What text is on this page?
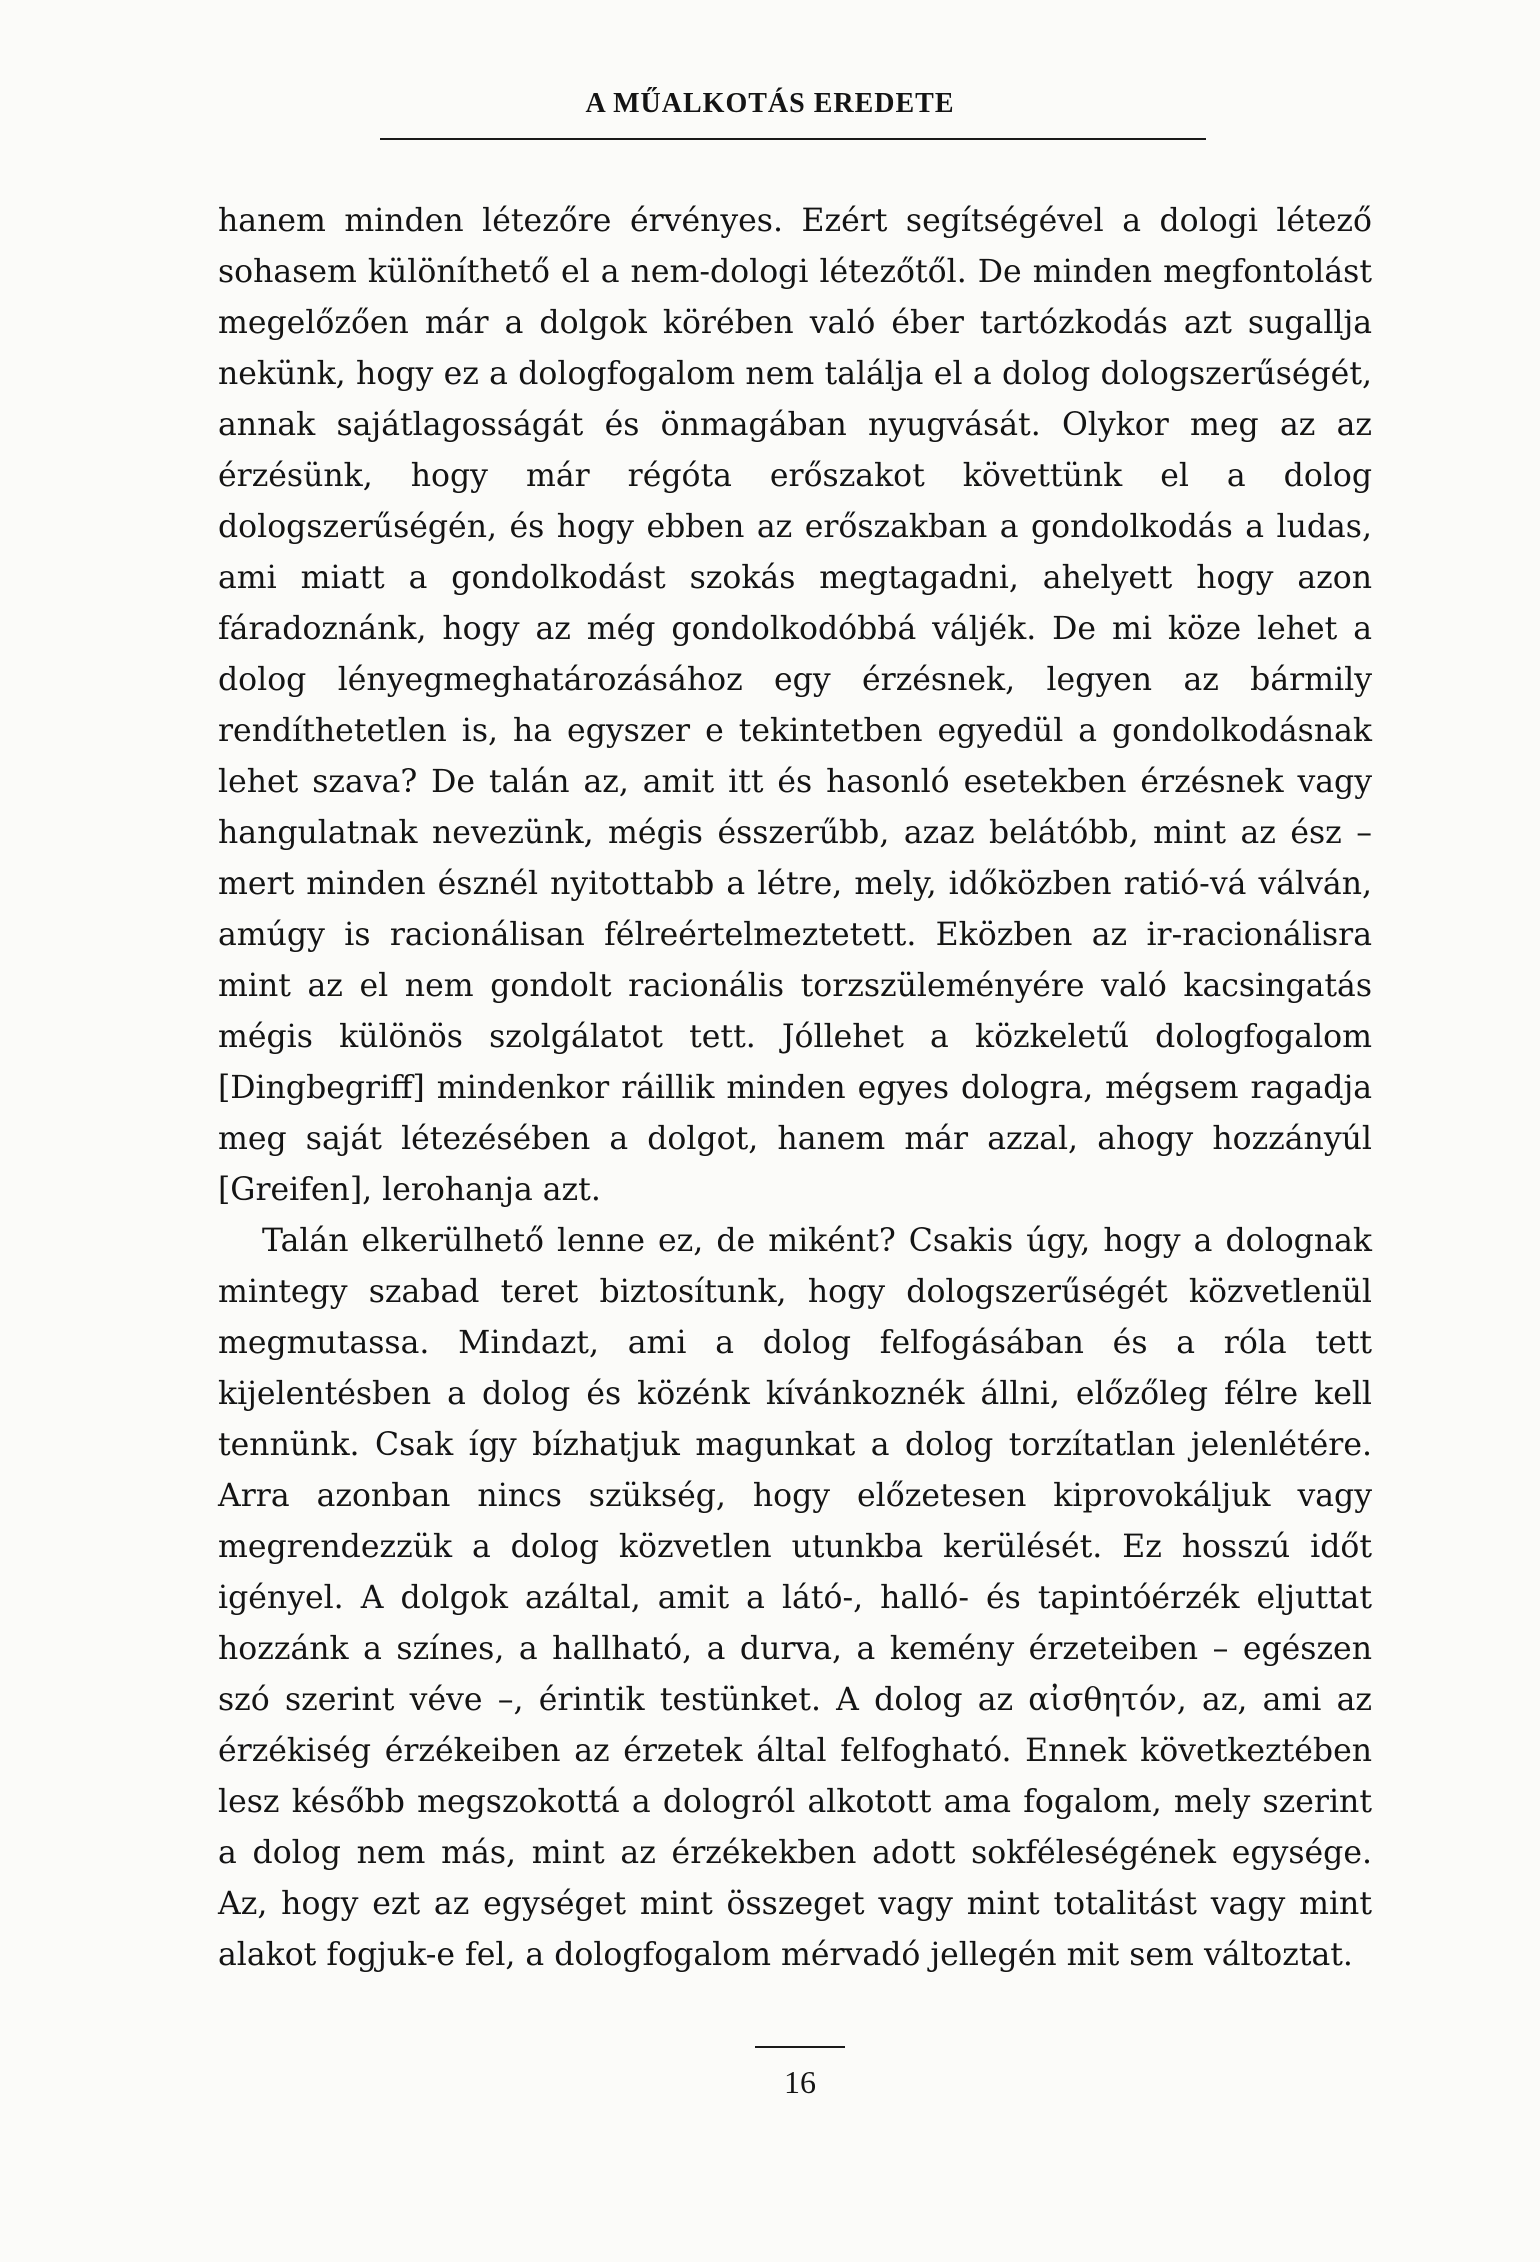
A MŰALKOTÁS EREDETE

hanem minden létezőre érvényes. Ezért segítségével a dologi létező sohasem különíthető el a nem-dologi létezőtől. De minden megfontolást megelőzően már a dolgok körében való éber tartózkodás azt sugallja nekünk, hogy ez a dologfogalom nem találja el a dolog dologszerűségét, annak sajátlagosságát és önmagában nyugvását. Olykor meg az az érzésünk, hogy már régóta erőszakot követtünk el a dolog dologszerűségén, és hogy ebben az erőszakban a gondolkodás a ludas, ami miatt a gondolkodást szokás megtagadni, ahelyett hogy azon fáradoznánk, hogy az még gondolkodóbbá váljék. De mi köze lehet a dolog lényegmeghatározásához egy érzésnek, legyen az bármily rendíthetetlen is, ha egyszer e tekintetben egyedül a gondolkodásnak lehet szava? De talán az, amit itt és hasonló esetekben érzésnek vagy hangulatnak nevezünk, mégis ésszerűbb, azaz belátóbb, mint az ész – mert minden észnél nyitottabb a létre, mely, időközben ratió-vá válván, amúgy is racionálisan félreértelmeztetett. Eközben az ir-racionálisra mint az el nem gondolt racionális torzszüleményére való kacsingatás mégis különös szolgálatot tett. Jóllehet a közkeletű dologfogalom [Dingbegriff] mindenkor ráillik minden egyes dologra, mégsem ragadja meg saját létezésében a dolgot, hanem már azzal, ahogy hozzányúl [Greifen], lerohanja azt.

Talán elkerülhető lenne ez, de miként? Csakis úgy, hogy a dolognak mintegy szabad teret biztosítunk, hogy dologszerűségét közvetlenül megmutassa. Mindazt, ami a dolog felfogásában és a róla tett kijelentésben a dolog és közénk kívánkoznék állni, előzőleg félre kell tennünk. Csak így bízhatjuk magunkat a dolog torzítatlan jelenlétére. Arra azonban nincs szükség, hogy előzetesen kiprovokáljuk vagy megrendezzük a dolog közvetlen utunkba kerülését. Ez hosszú időt igényel. A dolgok azáltal, amit a látó-, halló- és tapintóérzék eljuttat hozzánk a színes, a hallható, a durva, a kemény érzeteiben – egészen szó szerint véve –, érintik testünket. A dolog az αἰσθητόν, az, ami az érzékiség érzékeiben az érzetek által felfogható. Ennek következtében lesz később megszokottá a dologról alkotott ama fogalom, mely szerint a dolog nem más, mint az érzékekben adott sokféleségének egysége. Az, hogy ezt az egységet mint összeget vagy mint totalitást vagy mint alakot fogjuk-e fel, a dologfogalom mérvadó jellegén mit sem változtat.

16
